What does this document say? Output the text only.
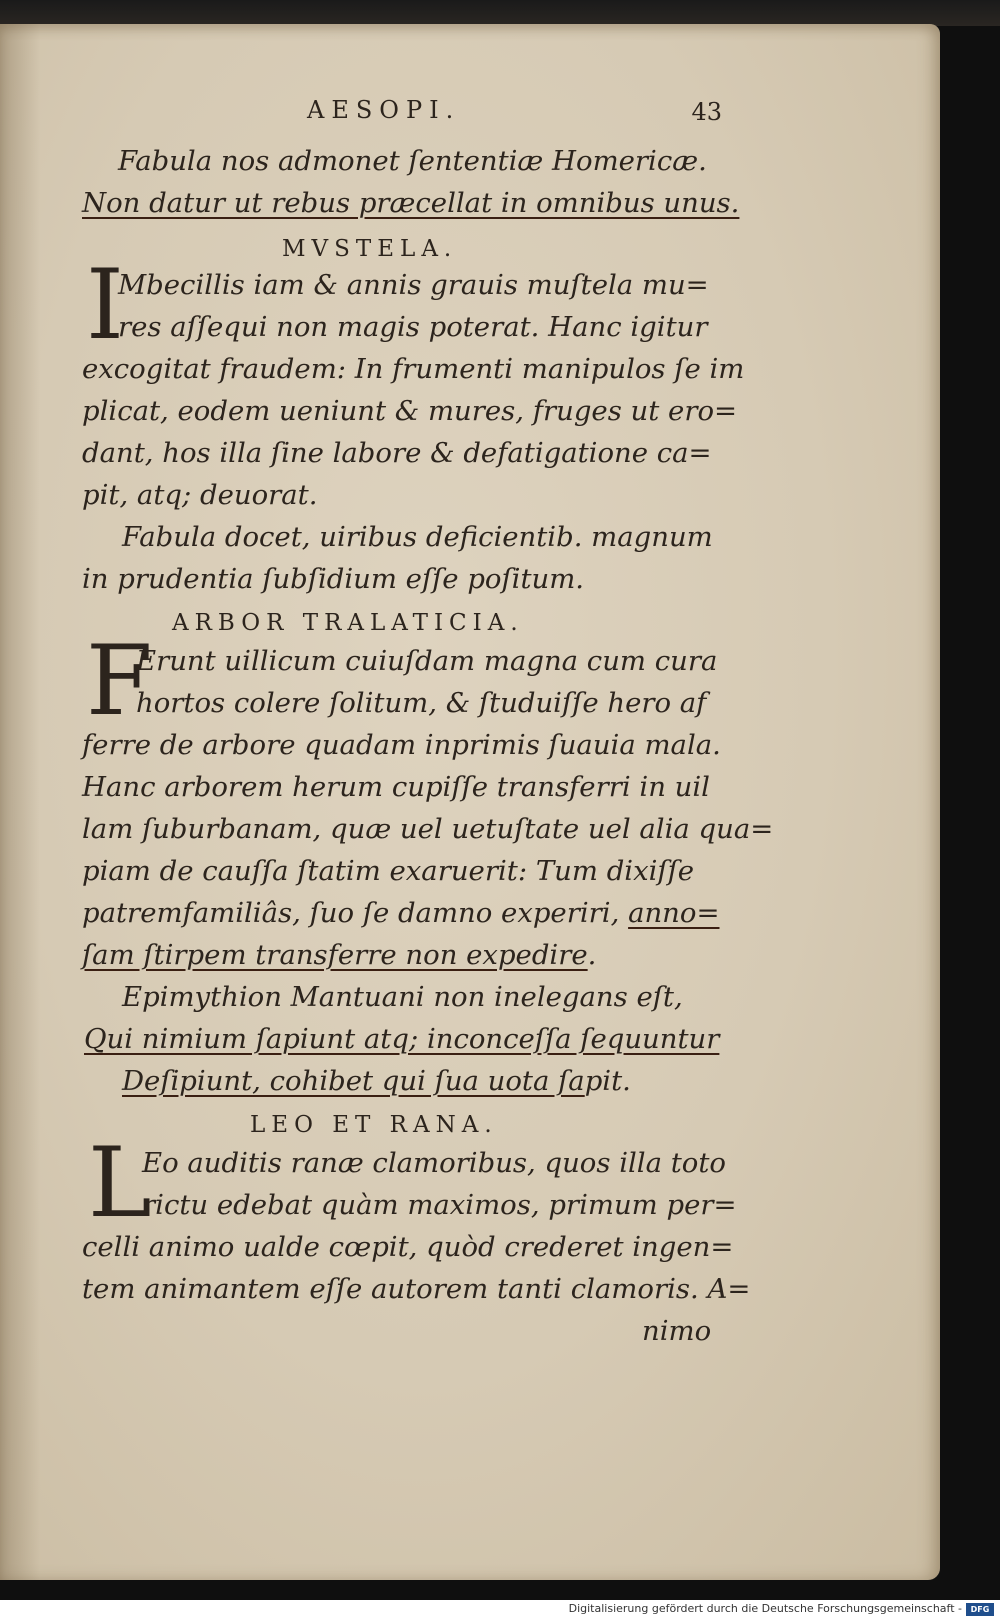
AESOPI.	43
Fabula nos admonet ſententiæ Homericæ.
Non datur ut rebus præcellat in omnibus unus.
MVSTELA.
I
Mbecillis iam & annis grauis muſtela mu=
res aſſequi non magis poterat. Hanc igitur
excogitat fraudem: In frumenti manipulos ſe im
plicat, eodem ueniunt & mures, fruges ut ero=
dant, hos illa ſine labore & defatigatione ca=
pit, atq; deuorat.
Fabula docet, uiribus deficientib. magnum
in prudentia ſubſidium eſſe poſitum.
ARBOR TRALATICIA.
F
Erunt uillicum cuiuſdam magna cum cura
hortos colere ſolitum, & ſtuduiſſe hero af
ferre de arbore quadam inprimis ſuauia mala.
Hanc arborem herum cupiſſe transferri in uil
lam ſuburbanam, quæ uel uetuſtate uel alia qua=
piam de cauſſa ſtatim exaruerit: Tum dixiſſe
patremfamiliâs, ſuo ſe damno experiri, anno=
ſam ſtirpem transferre non expedire.
Epimythion Mantuani non inelegans eſt,
Qui nimium ſapiunt atq; inconceſſa ſequuntur
Deſipiunt, cohibet qui ſua uota ſapit.
LEO ET RANA.
L
Eo auditis ranæ clamoribus, quos illa toto
rictu edebat quàm maximos, primum per=
celli animo ualde cœpit, quòd crederet ingen=
tem animantem eſſe autorem tanti clamoris. A=
nimo
Digitalisierung gefördert durch die Deutsche Forschungsgemeinschaft -	DFG
